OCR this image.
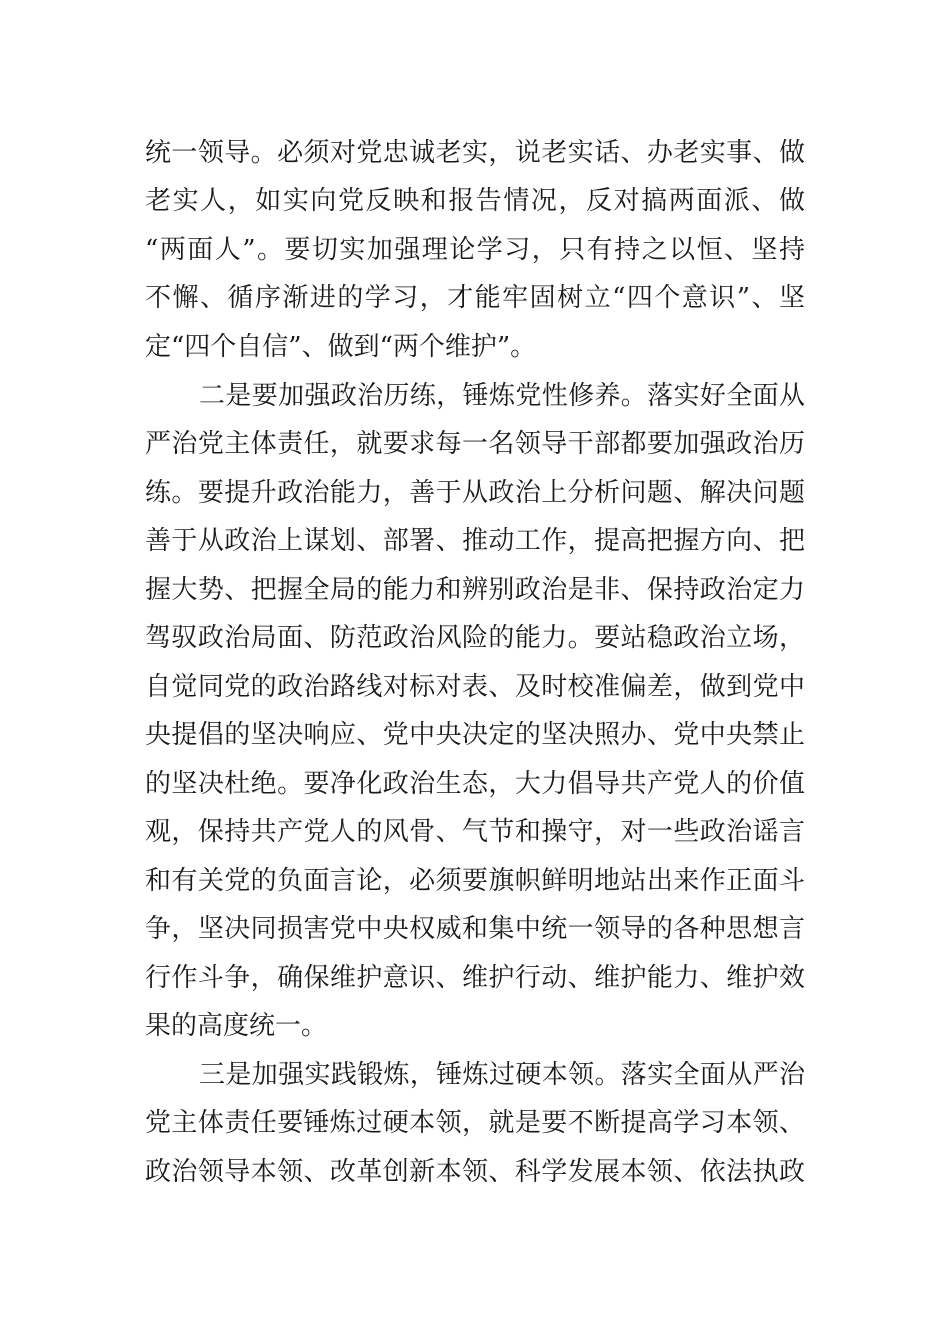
统一领导。必须对党忠诚老实，说老实话、办老实事、做
老实人，如实向党反映和报告情况，反对搞两面派、做
“两面人”。要切实加强理论学习，只有持之以恒、坚持
不懈、循序渐进的学习，才能牢固树立“四个意识”、坚
定“四个自信”、做到“两个维护”。
二是要加强政治历练，锤炼党性修养。落实好全面从
严治党主体责任，就要求每一名领导干部都要加强政治历
练。要提升政治能力，善于从政治上分析问题、解决问题
善于从政治上谋划、部署、推动工作，提高把握方向、把
握大势、把握全局的能力和辨别政治是非、保持政治定力
驾驭政治局面、防范政治风险的能力。要站稳政治立场，
自觉同党的政治路线对标对表、及时校准偏差，做到党中
央提倡的坚决响应、党中央决定的坚决照办、党中央禁止
的坚决杜绝。要净化政治生态，大力倡导共产党人的价值
观，保持共产党人的风骨、气节和操守，对一些政治谣言
和有关党的负面言论，必须要旗帜鲜明地站出来作正面斗
争，坚决同损害党中央权威和集中统一领导的各种思想言
行作斗争，确保维护意识、维护行动、维护能力、维护效
果的高度统一。
三是加强实践锻炼，锤炼过硬本领。落实全面从严治
党主体责任要锤炼过硬本领，就是要不断提高学习本领、
政治领导本领、改革创新本领、科学发展本领、依法执政
